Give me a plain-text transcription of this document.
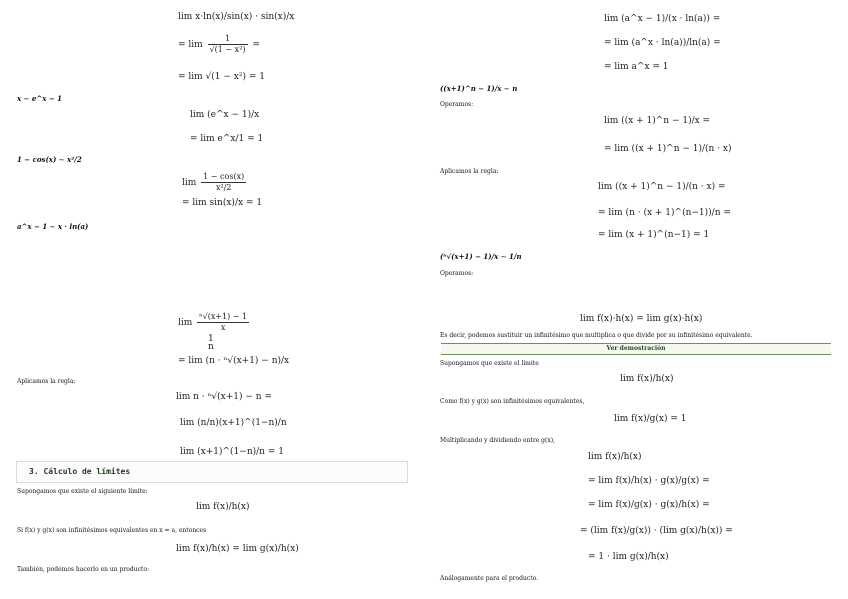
lim x·ln(x)/sin(x) · sin(x)/x
= $\lim \frac{1}{\text{√(1 − x²)}}$ =
= lim √(1 − x²) = 1
x ∼ e^x − 1
lim (e^x − 1)/x
= lim e^x/1 = 1
1 − cos(x) ∼ x²/2
$\lim \frac{1 - \cos(x)}{\text{x²/2}}$
= lim sin(x)/x = 1
a^x − 1 ∼ x · ln(a)
$\lim \frac{\text{ⁿ√(x+1) − 1}}{x}$
1
n
= lim (n · ⁿ√(x+1) − n)/x
Aplicamos la regla:
lim n · ⁿ√(x+1) − n =
lim (n/n)(x+1)^(1−n)/n
lim (x+1)^(1−n)/n = 1
3. Cálculo de límites
Supongamos que existe el siguiente límite:
lim f(x)/h(x)
Si f(x) y g(x) son infinitésimos equivalentes en x = a, entonces
lim f(x)/h(x) = lim g(x)/h(x)
También, podemos hacerlo en un producto:
lim (a^x − 1)/(x · ln(a)) =
= lim (a^x · ln(a))/ln(a) =
= lim a^x = 1
((x+1)^n − 1)/x ∼ n
Operamos:
lim ((x + 1)^n − 1)/x =
= lim ((x + 1)^n − 1)/(n · x)
Aplicamos la regla:
lim ((x + 1)^n − 1)/(n · x) =
= lim (n · (x + 1)^(n−1))/n =
= lim (x + 1)^(n−1) = 1
(ⁿ√(x+1) − 1)/x ∼ 1/n
Operamos:
lim f(x)·h(x) = lim g(x)·h(x)
Es decir, podemos sustituir un infinitésimo que multiplica o que divide por su infinitésimo equivalente.
Ver demostración
Supongamos que existe el límite
lim f(x)/h(x)
Como f(x) y g(x) son infinitésimos equivalentes,
lim f(x)/g(x) = 1
Multiplicando y dividiendo entre g(x),
lim f(x)/h(x)
= lim f(x)/h(x) · g(x)/g(x) =
= lim f(x)/g(x) · g(x)/h(x) =
= (lim f(x)/g(x)) · (lim g(x)/h(x)) =
= 1 · lim g(x)/h(x)
Análogamente para el producto.
